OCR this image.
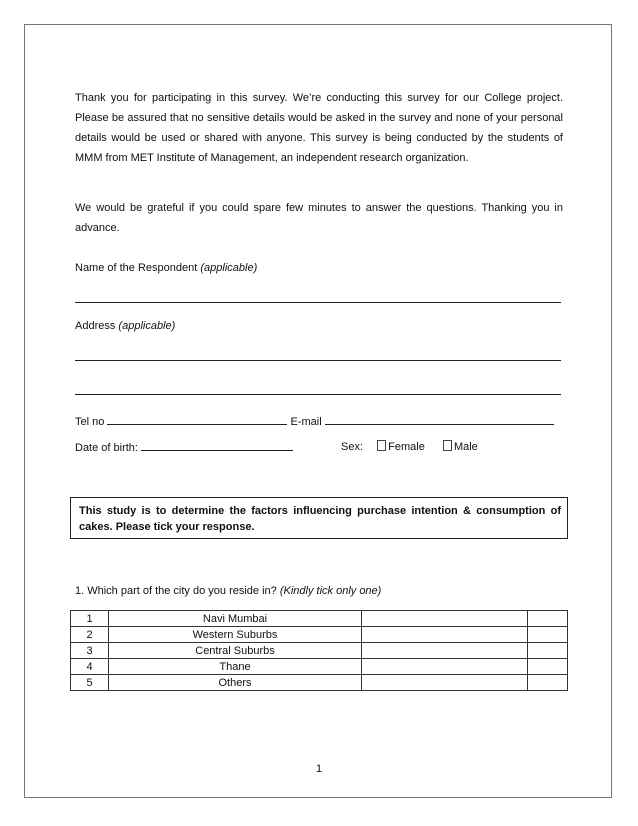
Thank you for participating in this survey. We’re conducting this survey for our College project. Please be assured that no sensitive details would be asked in the survey and none of your personal details would be used or shared with anyone. This survey is being conducted by the students of MMM from MET Institute of Management, an independent research organization.
We would be grateful if you could spare few minutes to answer the questions. Thanking you in advance.
Name of the Respondent (applicable)
Address (applicable)
Tel no	E-mail
Date of birth:	Sex: Female	Male
This study is to determine the factors influencing purchase intention & consumption of cakes. Please tick your response.
1. Which part of the city do you reside in? (Kindly tick only one)
1	Navi Mumbai		
2	Western Suburbs		
3	Central Suburbs		
4	Thane		
5	Others		
1
